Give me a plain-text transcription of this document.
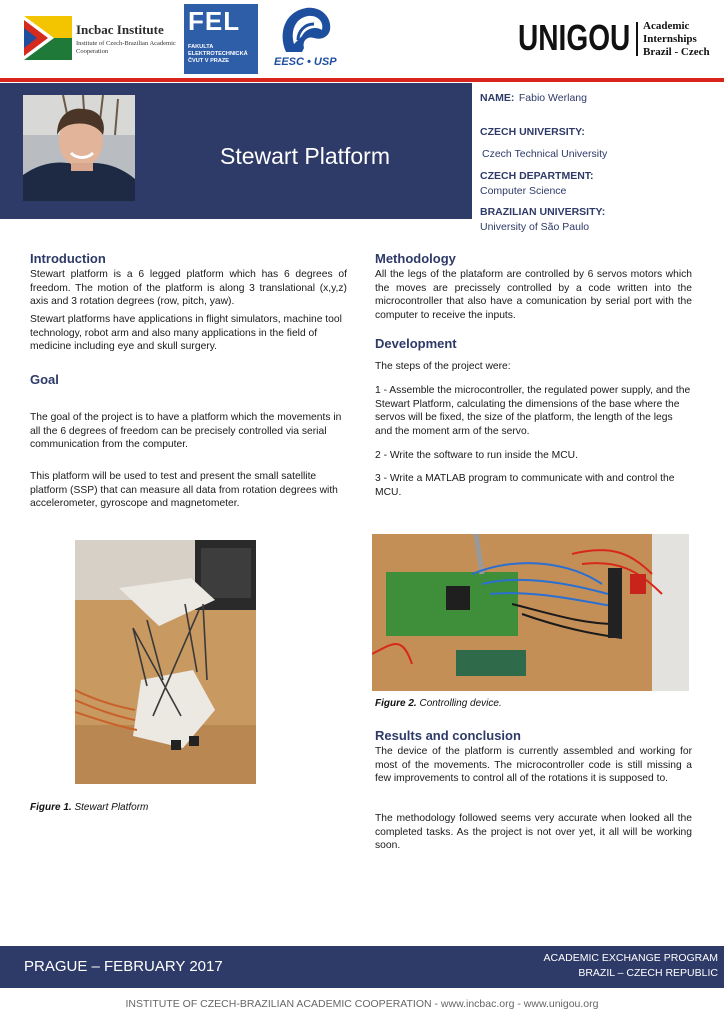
Incbac Institute
Institute of Czech-Brazilian Academic Cooperation
FEL
FAKULTA
ELEKTROTECHNICKÁ
ČVUT V PRAZE	EESC • USP
UNIGOU Academic
Internships
Brazil - Czech
Stewart Platform
NAME: Fabio Werlang
CZECH UNIVERSITY:
Czech Technical University
CZECH DEPARTMENT:
Computer Science
BRAZILIAN UNIVERSITY:
University of São Paulo
Introduction
Stewart platform is a 6 legged platform which has 6 degrees of freedom. The motion of the platform is along 3 translational (x,y,z) axis and 3 rotation degrees (row, pitch, yaw).
Stewart platforms have applications in flight simulators, machine tool technology, robot arm and also many applications in the field of medicine including eye and skull surgery.
Goal
The goal of the project is to have a platform which the movements in all the 6 degrees of freedom can be precisely controlled via serial communication from the computer.
This platform will be used to test and present the small satellite platform (SSP) that can measure all data from rotation degrees with accelerometer, gyroscope and magnetometer.
Figure 1. Stewart Platform
Methodology
All the legs of the plataform are controlled by 6 servos motors which the moves are precissely controlled by a code written into the microcontroller that also have a comunication by serial port with the computer to receive the inputs.
Development
The steps of the project were:
1 - Assemble the microcontroller, the regulated power supply, and the Stewart Platform, calculating the dimensions of the base where the servos will be fixed, the size of the platform, the length of the legs and the moment arm of the servo.
2 - Write the software to run inside the MCU.
3 - Write a MATLAB program to communicate with and control the MCU.
Figure 2. Controlling device.
Results and conclusion
The device of the platform is currently assembled and working for most of the movements. The microcontroller code is still missing a few improvements to control all of the rotations it is supposed to.
The methodology followed seems very accurate when looked all the completed tasks. As the project is not over yet, it all will be working soon.
PRAGUE – FEBRUARY 2017	ACADEMIC EXCHANGE PROGRAM
BRAZIL – CZECH REPUBLIC
INSTITUTE OF CZECH-BRAZILIAN ACADEMIC COOPERATION - www.incbac.org - www.unigou.org
